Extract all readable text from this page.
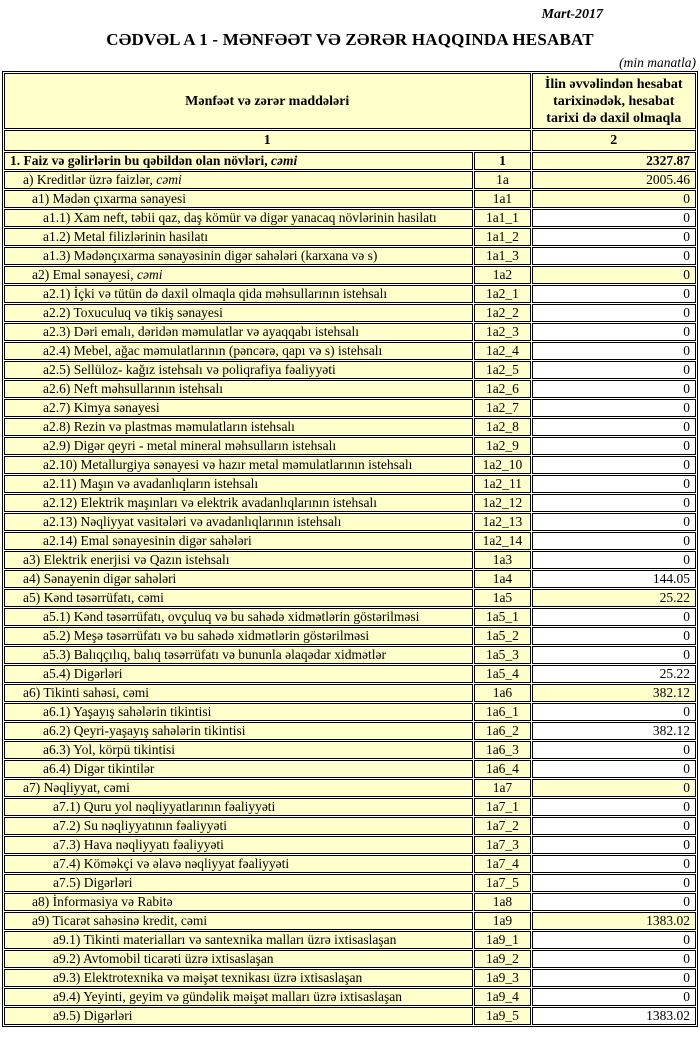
Mart-2017
CƏDVƏL A 1 - MƏNFƏƏT VƏ ZƏRƏR HAQQINDA HESABAT
(min manatla)
Mənfəət və zərər maddələri		İlin əvvəlindən hesabat tarixinədək, hesabat tarixi də daxil olmaqla
1		2
1. Faiz və gəlirlərin bu qəbildən olan növləri, cəmi	1	2327.87
a) Kreditlər üzrə faizlər, cəmi	1a	2005.46
a1) Mədən çıxarma sənayesi	1a1	0
a1.1) Xam neft, təbii qaz, daş kömür və digər yanacaq növlərinin hasilatı	1a1_1	0
a1.2) Metal filizlərinin hasilatı	1a1_2	0
a1.3) Mədənçıxarma sənayəsinin digər sahələri (karxana və s)	1a1_3	0
a2) Emal sənayesi, cəmi	1a2	0
a2.1) İçki və tütün də daxil olmaqla qida məhsullarının istehsalı	1a2_1	0
a2.2) Toxuculuq və tikiş sənayesi	1a2_2	0
a2.3) Dəri emalı, dəridən məmulatlar və ayaqqabı istehsalı	1a2_3	0
a2.4) Mebel, ağac məmulatlarının (pəncərə, qapı və s) istehsalı	1a2_4	0
a2.5) Sellüloz- kağız istehsalı və poliqrafiya fəaliyyəti	1a2_5	0
a2.6) Neft məhsullarının istehsalı	1a2_6	0
a2.7) Kimya sənayesi	1a2_7	0
a2.8) Rezin və plastmas məmulatların istehsalı	1a2_8	0
a2.9) Digər qeyri - metal mineral məhsulların istehsalı	1a2_9	0
a2.10) Metallurgiya sənayesi və hazır metal məmulatlarının istehsalı	1a2_10	0
a2.11) Maşın və avadanlıqların istehsalı	1a2_11	0
a2.12) Elektrik maşınları və elektrik avadanlıqlarının istehsalı	1a2_12	0
a2.13) Nəqliyyat vasitələri və avadanlıqlarının istehsalı	1a2_13	0
a2.14) Emal sənayesinin digər sahələri	1a2_14	0
a3) Elektrik enerjisi və Qazın istehsalı	1a3	0
a4) Sənayenin digər sahələri	1a4	144.05
a5) Kənd təsərrüfatı, cəmi	1a5	25.22
a5.1) Kənd təsərrüfatı, ovçuluq və bu sahədə xidmətlərin göstərilməsi	1a5_1	0
a5.2) Meşə təsərrüfatı və bu sahədə xidmətlərin göstərilməsi	1a5_2	0
a5.3) Balıqçılıq, balıq təsərrüfatı və bununla əlaqədar xidmətlər	1a5_3	0
a5.4) Digərləri	1a5_4	25.22
a6) Tikinti sahəsi, cəmi	1a6	382.12
a6.1) Yaşayış sahələrin tikintisi	1a6_1	0
a6.2) Qeyri-yaşayış sahələrin tikintisi	1a6_2	382.12
a6.3) Yol, körpü tikintisi	1a6_3	0
a6.4) Digər tikintilər	1a6_4	0
a7) Nəqliyyat, cəmi	1a7	0
a7.1) Quru yol nəqliyyatlarının fəaliyyəti	1a7_1	0
a7.2) Su nəqliyyatının fəaliyyəti	1a7_2	0
a7.3) Hava nəqliyyatı fəaliyyəti	1a7_3	0
a7.4) Köməkçi və əlavə nəqliyyat fəaliyyəti	1a7_4	0
a7.5) Digərləri	1a7_5	0
a8) İnformasiya və Rabitə	1a8	0
a9) Ticarət sahəsinə kredit, cəmi	1a9	1383.02
a9.1) Tikinti materialları və santexnika malları üzrə ixtisaslaşan	1a9_1	0
a9.2) Avtomobil ticarəti üzrə ixtisaslaşan	1a9_2	0
a9.3) Elektrotexnika və məişət texnikası üzrə ixtisaslaşan	1a9_3	0
a9.4) Yeyinti, geyim və gündəlik məişət malları üzrə ixtisaslaşan	1a9_4	0
a9.5) Digərləri	1a9_5	1383.02
